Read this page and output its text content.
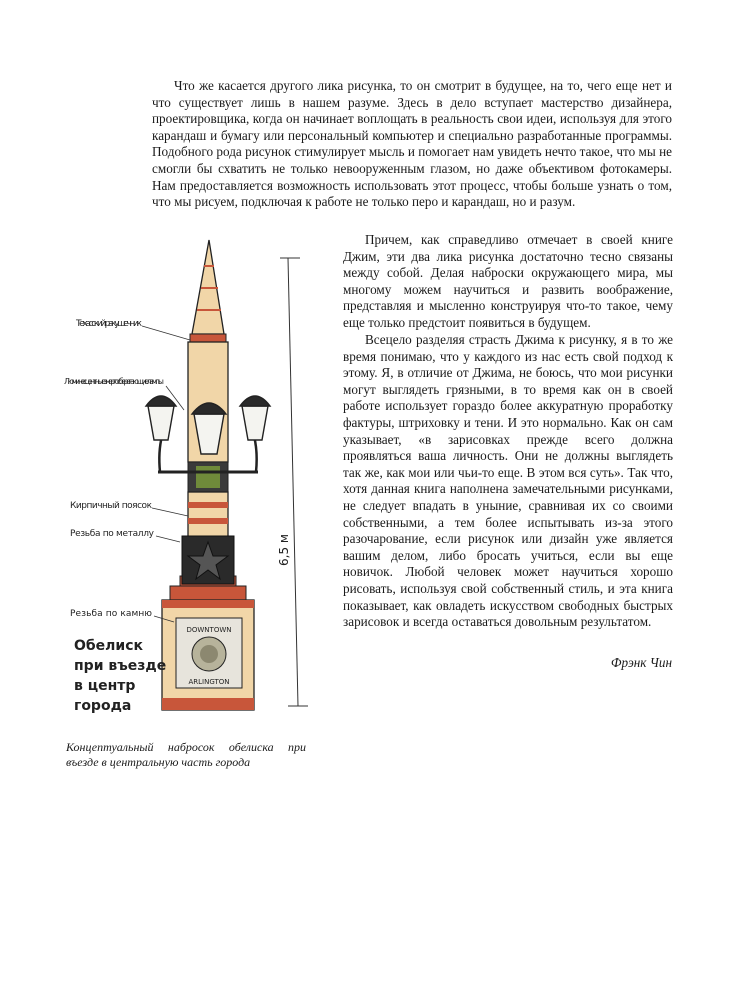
Что же касается другого лика рисунка, то он смотрит в будущее, на то, чего еще нет и что существует лишь в нашем разуме. Здесь в дело вступает мастерство дизайнера, проектировщика, когда он начинает воплощать в реальность свои идеи, используя для этого карандаш и бумагу или персональный компьютер и специально разработанные программы. Подобного рода рисунок стимулирует мысль и помогает нам увидеть нечто такое, что мы не смогли бы схватить не только невооруженным глазом, но даже объективом фотокамеры. Нам предоставляется возможность использовать этот процесс, чтобы больше узнать о том, что мы рисуем, подключая к работе не только перо и карандаш, но и разум.

Причем, как справедливо отмечает в своей книге Джим, эти два лика рисунка достаточно тесно связаны между собой. Делая наброски окружающего мира, мы многому можем научиться и развить воображение, представляя и мысленно конструируя что-то такое, чему еще только предстоит появиться в будущем.

Всецело разделяя страсть Джима к рисунку, я в то же время понимаю, что у каждого из нас есть свой подход к этому. Я, в отличие от Джима, не боюсь, что мои рисунки могут выглядеть грязными, в то время как он в своей работе использует гораздо более аккуратную проработку фактуры, штриховку и тени. И это нормально. Как он сам указывает, «в зарисовках прежде всего должна проявляться ваша личность. Они не должны выглядеть так же, как мои или чьи-то еще. В этом вся суть». Так что, хотя данная книга наполнена замечательными рисунками, не следует впадать в уныние, сравнивая их со своими собственными, а тем более испытывать из-за этого разочарование, если рисунок или дизайн уже является вашим делом, либо бросать учиться, если вы еще новичок. Любой человек может научиться хорошо рисовать, используя свой собственный стиль, и эта книга показывает, как овладеть искусством свободных быстрых зарисовок и всегда оставаться довольным результатом.

Фрэнк Чин
6,5 м
DOWNTOWN
ARLINGTON
Техасский ракушечник
Люминесцентные энергосберегающие лампы
Кирпичный поясок
Резьба по металлу
Резьба по камню
Обелиск
при въезде
в центр
города
Концептуальный набросок обелиска при въезде в центральную часть города
